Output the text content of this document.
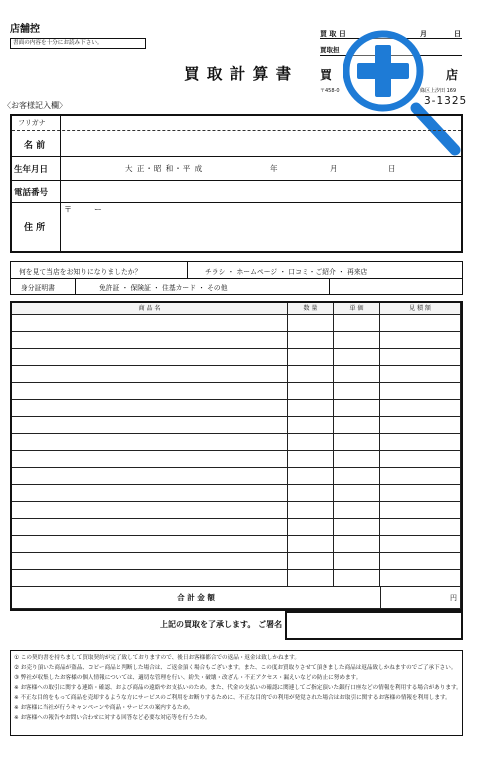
店舗控
書面の内容を十分にお読み下さい。
買 取 計 算 書
買 取 日	月	日
買取担
買	店
〒458-0	綠区上汐田 169
3-1325
〈お客様記入欄〉
フリガナ
名 前
生年月日	大 正・昭 和・平 成	年	月	日
電話番号
住 所
〒	ー
何を見て当店をお知りになりましたか？	チラシ ・ ホームページ ・ 口コミ・ご紹介 ・ 再来店
身分証明書	免許証 ・ 保険証 ・ 住基カード ・ その他
商 品 名	数 量	単 価	見 積 額
合 計 金 額	円
上記の買取を了承します。 ご署名
① この契約書を持ちまして買取契約が完了致しておりますので、後日お客様都合での返品・返金は致しかねます。
② お売り頂いた商品が盗品、コピー商品と判断した場合は、ご返金頂く場合もございます。また、この度お買取りさせて頂きました商品は返品致しかねますのでご了承下さい。
③ 弊社が収集したお客様の個人情報については、適切な管理を行い、紛失・破壊・改ざん・不正アクセス・漏えいなどの防止に努めます。
※ お客様への取引に関する連絡・確認、および商品の遠絡やお支払いのため。また、代金の支払いの確認に関連してご指定頂いた銀行口座などの情報を利用する場合があります。
※ 不正な目的をもって商品を売却するような方にサービスのご利用をお断りするために、不正な目的での利用が発覚された場合はお取引に関するお客様の情報を利用します。
※ お客様に当社が行うキャンペーンや商品・サービスの案内するため。
※ お客様への報告やお問い合わせに対する回答など必要な対応等を行うため。
